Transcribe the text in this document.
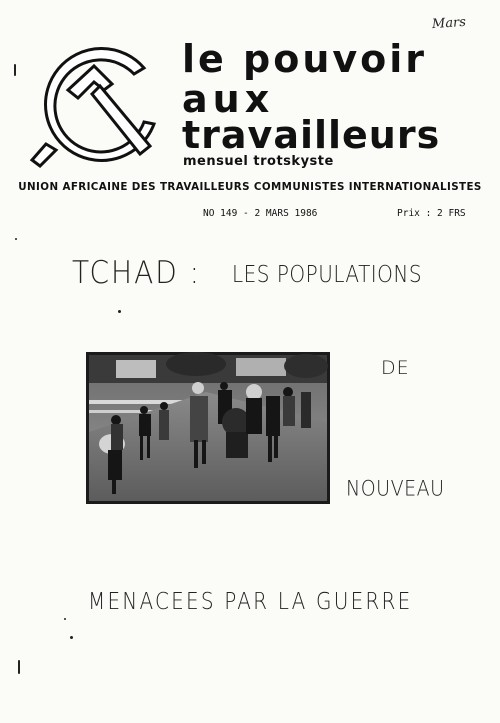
Mars
le pouvoir
aux
travailleurs
mensuel trotskyste
UNION AFRICAINE DES TRAVAILLEURS COMMUNISTES INTERNATIONALISTES
NO 149 - 2 MARS 1986	Prix : 2 FRS
TCHAD : LES POPULATIONS
DE
NOUVEAU
MENACEES PAR LA GUERRE
